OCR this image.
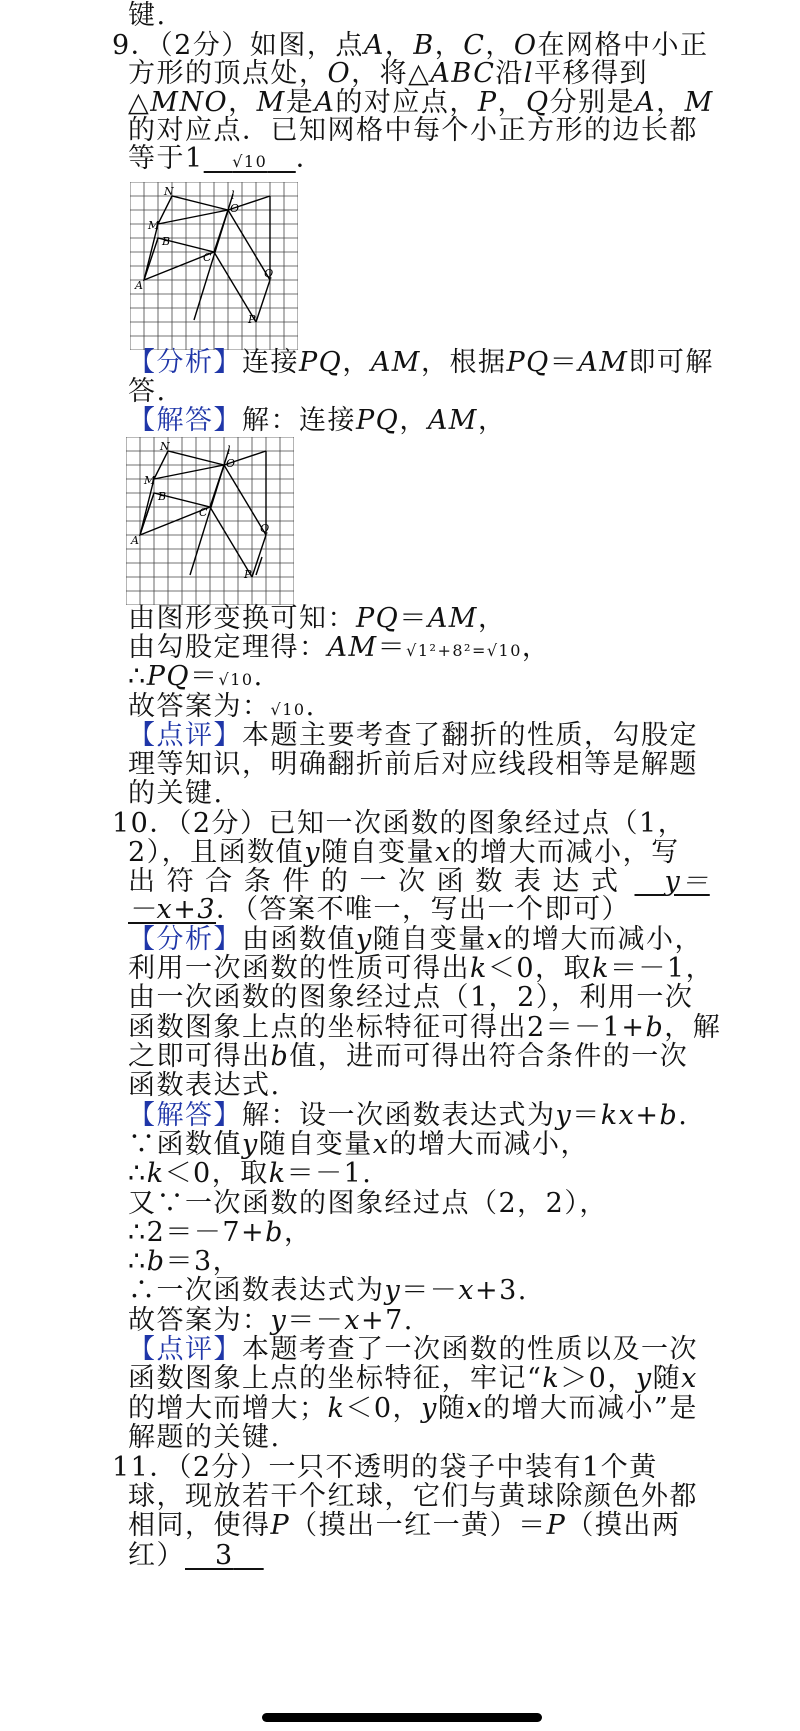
键.
9．（2分）如图，点A，B，C，O在网格中小正
方形的顶点处，O，将△ABC沿l平移得到
△MNO，M是A的对应点，P，Q分别是A，M
的对应点．已知网格中每个小正方形的边长都
等于1  √10  ．
N
M
B
A
C
O
l
Q
P
【分析】连接PQ，AM，根据PQ＝AM即可解
答.
【解答】解：连接PQ，AM，
N
M
B
A
C
O
l
Q
P
由图形变换可知：PQ＝AM，
由勾股定理得：AM＝√1²+8²=√10，
∴PQ＝√10.
故答案为：√10.
【点评】本题主要考查了翻折的性质，勾股定
理等知识，明确翻折前后对应线段相等是解题
的关键.
10．（2分）已知一次函数的图象经过点（1，
2），且函数值y随自变量x的增大而减小，写
出 符 合 条 件 的 一 次 函 数 表 达 式    y＝
－x+3．（答案不唯一，写出一个即可）
【分析】由函数值y随自变量x的增大而减小，
利用一次函数的性质可得出k＜0，取k＝－1，
由一次函数的图象经过点（1，2），利用一次
函数图象上点的坐标特征可得出2＝－1+b，解
之即可得出b值，进而可得出符合条件的一次
函数表达式.
【解答】解：设一次函数表达式为y＝kx+b.
∵函数值y随自变量x的增大而减小，
∴k＜0，取k＝－1.
又∵一次函数的图象经过点（2，2），
∴2＝－7+b，
∴b＝3，
∴一次函数表达式为y＝－x+3.
故答案为：y＝－x+7.
【点评】本题考查了一次函数的性质以及一次
函数图象上点的坐标特征，牢记“k＞0，y随x
的增大而增大；k＜0，y随x的增大而减小”是
解题的关键.
11．（2分）一只不透明的袋子中装有1个黄
球，现放若干个红球，它们与黄球除颜色外都
相同，使得P（摸出一红一黄）＝P（摸出两
红）   3  
